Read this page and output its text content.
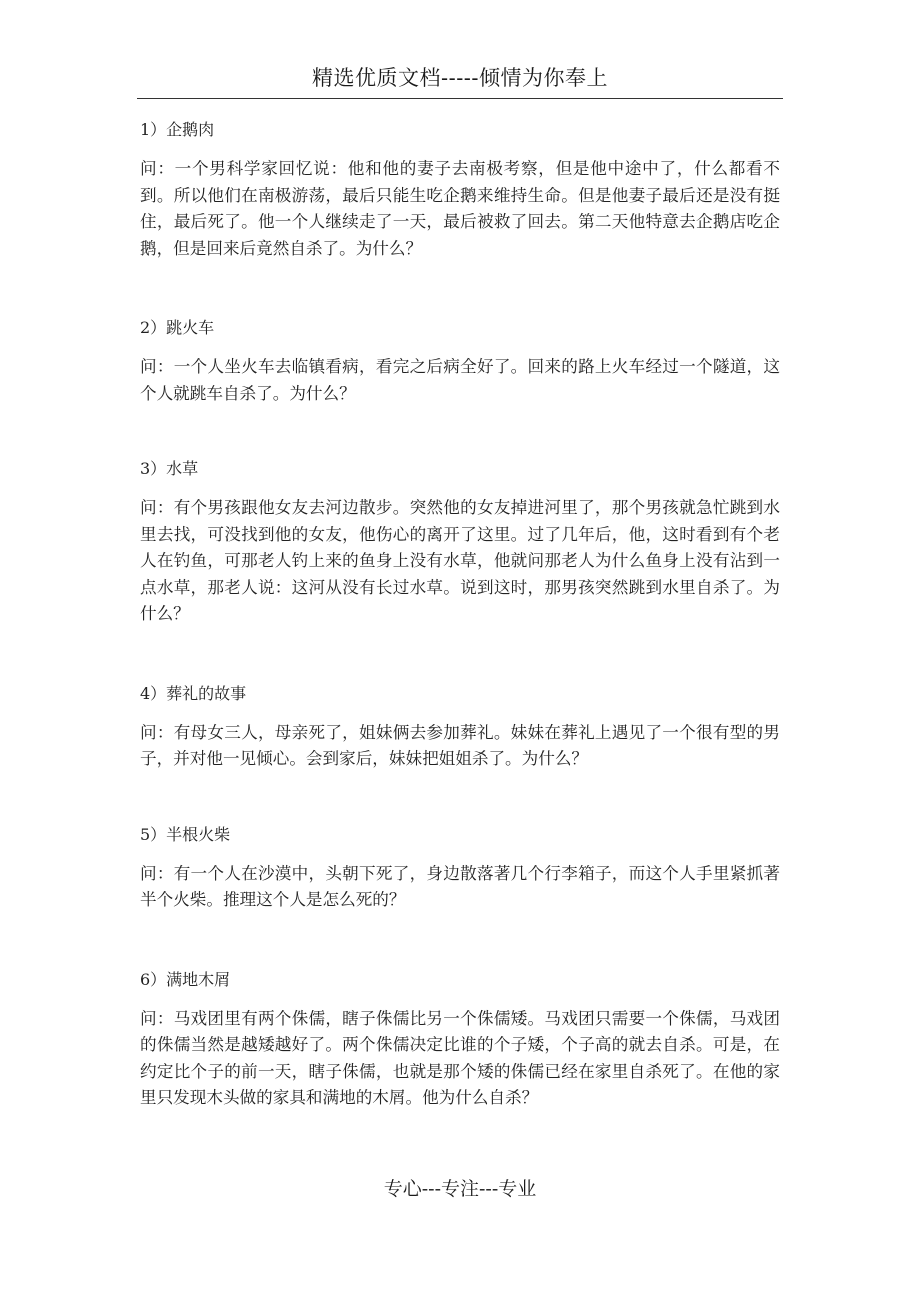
精选优质文档-----倾情为你奉上
1）企鹅肉
问：一个男科学家回忆说：他和他的妻子去南极考察，但是他中途中了，什么都看不到。所以他们在南极游荡，最后只能生吃企鹅来维持生命。但是他妻子最后还是没有挺住，最后死了。他一个人继续走了一天，最后被救了回去。第二天他特意去企鹅店吃企鹅，但是回来后竟然自杀了。为什么？
2）跳火车
问：一个人坐火车去临镇看病，看完之后病全好了。回来的路上火车经过一个隧道，这个人就跳车自杀了。为什么？
3）水草
问：有个男孩跟他女友去河边散步。突然他的女友掉进河里了，那个男孩就急忙跳到水里去找，可没找到他的女友，他伤心的离开了这里。过了几年后，他，这时看到有个老人在钓鱼，可那老人钓上来的鱼身上没有水草，他就问那老人为什么鱼身上没有沾到一点水草，那老人说：这河从没有长过水草。说到这时，那男孩突然跳到水里自杀了。为什么？
4）葬礼的故事
问：有母女三人，母亲死了，姐妹俩去参加葬礼。妹妹在葬礼上遇见了一个很有型的男子，并对他一见倾心。会到家后，妹妹把姐姐杀了。为什么？
5）半根火柴
问：有一个人在沙漠中，头朝下死了，身边散落著几个行李箱子，而这个人手里紧抓著半个火柴。推理这个人是怎么死的？
6）满地木屑
问：马戏团里有两个侏儒，瞎子侏儒比另一个侏儒矮。马戏团只需要一个侏儒，马戏团的侏儒当然是越矮越好了。两个侏儒决定比谁的个子矮，个子高的就去自杀。可是，在约定比个子的前一天，瞎子侏儒，也就是那个矮的侏儒已经在家里自杀死了。在他的家里只发现木头做的家具和满地的木屑。他为什么自杀？
专心---专注---专业
